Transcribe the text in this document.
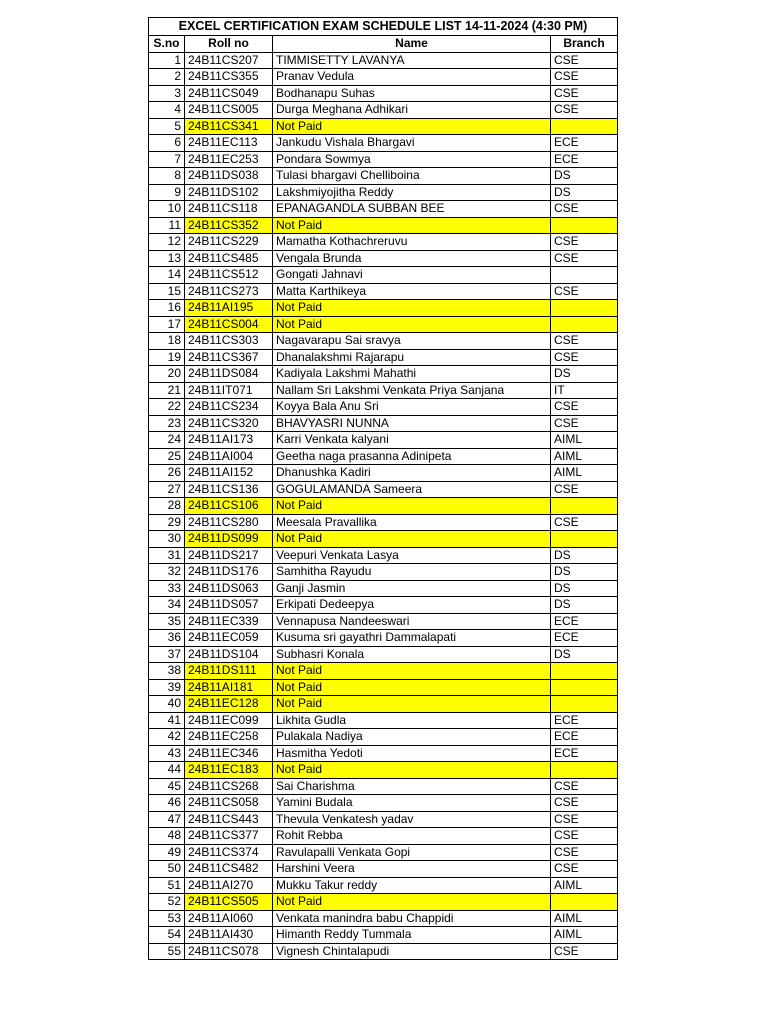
EXCEL CERTIFICATION EXAM SCHEDULE LIST 14-11-2024 (4:30 PM)			
S.no	Roll no	Name	Branch
1	24B11CS207	TIMMISETTY LAVANYA	CSE
2	24B11CS355	Pranav Vedula	CSE
3	24B11CS049	Bodhanapu Suhas	CSE
4	24B11CS005	Durga Meghana Adhikari	CSE
5	24B11CS341	Not Paid	
6	24B11EC113	Jankudu Vishala Bhargavi	ECE
7	24B11EC253	Pondara Sowmya	ECE
8	24B11DS038	Tulasi bhargavi Chelliboina	DS
9	24B11DS102	Lakshmiyojitha Reddy	DS
10	24B11CS118	EPANAGANDLA SUBBAN BEE	CSE
11	24B11CS352	Not Paid	
12	24B11CS229	Mamatha Kothachreruvu	CSE
13	24B11CS485	Vengala Brunda	CSE
14	24B11CS512	Gongati Jahnavi	
15	24B11CS273	Matta Karthikeya	CSE
16	24B11AI195	Not Paid	
17	24B11CS004	Not Paid	
18	24B11CS303	Nagavarapu Sai sravya	CSE
19	24B11CS367	Dhanalakshmi Rajarapu	CSE
20	24B11DS084	Kadiyala Lakshmi Mahathi	DS
21	24B11IT071	Nallam Sri Lakshmi Venkata Priya Sanjana	IT
22	24B11CS234	Koyya Bala Anu Sri	CSE
23	24B11CS320	BHAVYASRI NUNNA	CSE
24	24B11AI173	Karri Venkata kalyani	AIML
25	24B11AI004	Geetha naga prasanna Adinipeta	AIML
26	24B11AI152	Dhanushka Kadiri	AIML
27	24B11CS136	GOGULAMANDA Sameera	CSE
28	24B11CS106	Not Paid	
29	24B11CS280	Meesala Pravallika	CSE
30	24B11DS099	Not Paid	
31	24B11DS217	Veepuri Venkata Lasya	DS
32	24B11DS176	Samhitha Rayudu	DS
33	24B11DS063	Ganji Jasmin	DS
34	24B11DS057	Erkipati Dedeepya	DS
35	24B11EC339	Vennapusa Nandeeswari	ECE
36	24B11EC059	Kusuma sri gayathri Dammalapati	ECE
37	24B11DS104	Subhasri Konala	DS
38	24B11DS111	Not Paid	
39	24B11AI181	Not Paid	
40	24B11EC128	Not Paid	
41	24B11EC099	Likhita Gudla	ECE
42	24B11EC258	Pulakala Nadiya	ECE
43	24B11EC346	Hasmitha Yedoti	ECE
44	24B11EC183	Not Paid	
45	24B11CS268	Sai Charishma	CSE
46	24B11CS058	Yamini Budala	CSE
47	24B11CS443	Thevula Venkatesh yadav	CSE
48	24B11CS377	Rohit Rebba	CSE
49	24B11CS374	Ravulapalli Venkata Gopi	CSE
50	24B11CS482	Harshini Veera	CSE
51	24B11AI270	Mukku Takur reddy	AIML
52	24B11CS505	Not Paid	
53	24B11AI060	Venkata manindra babu Chappidi	AIML
54	24B11AI430	Himanth Reddy Tummala	AIML
55	24B11CS078	Vignesh Chintalapudi	CSE
